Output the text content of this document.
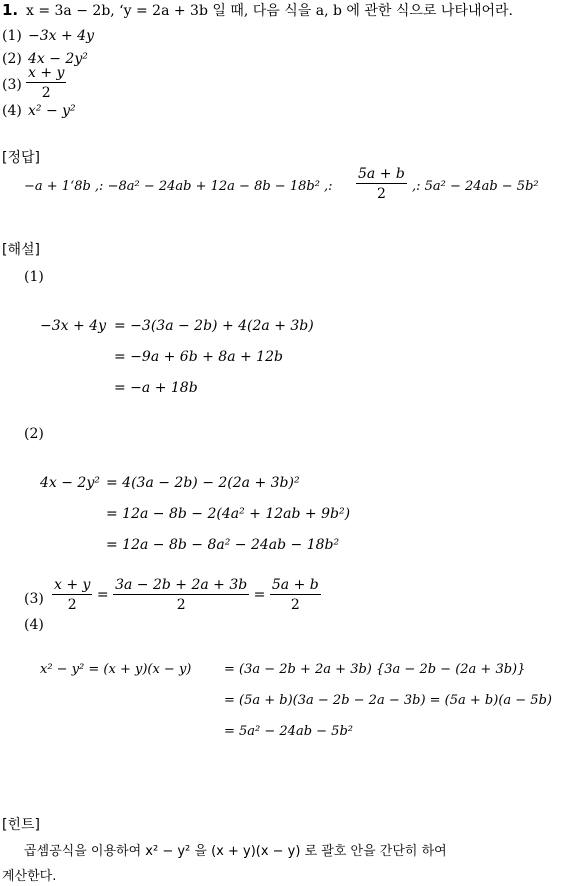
1. x = 3a − 2b, ‘y = 2a + 3b 일 때, 다음 식을 a, b 에 관한 식으로 나타내어라.
(1) −3x + 4y
(2) 4x − 2y²
$(3) \frac{x + y}{2}$
(4) x² − y²
[정답]
−a + 1‘8b ,: −8a² − 24ab + 12a − 8b − 18b² ,: $\frac{5a + b}{2}$ ,: 5a² − 24ab − 5b²
[해설]
(1)
−3x + 4y = −3(3a − 2b) + 4(2a + 3b)
= −9a + 6b + 8a + 12b
= −a + 18b
(2)
4x − 2y² = 4(3a − 2b) − 2(2a + 3b)²
= 12a − 8b − 2(4a² + 12ab + 9b²)
= 12a − 8b − 8a² − 24ab − 18b²
$(3) \frac{x + y}{2} = \frac{3a - 2b + 2a + 3b}{2} = \frac{5a + b}{2}$
(4)
x² − y² = (x + y)(x − y)	= (3a − 2b + 2a + 3b) {3a − 2b − (2a + 3b)}
= (5a + b)(3a − 2b − 2a − 3b) = (5a + b)(a − 5b)
= 5a² − 24ab − 5b²
[힌트]
곱셈공식을 이용하여 x² − y² 을 (x + y)(x − y) 로 괄호 안을 간단히 하여
계산한다.
